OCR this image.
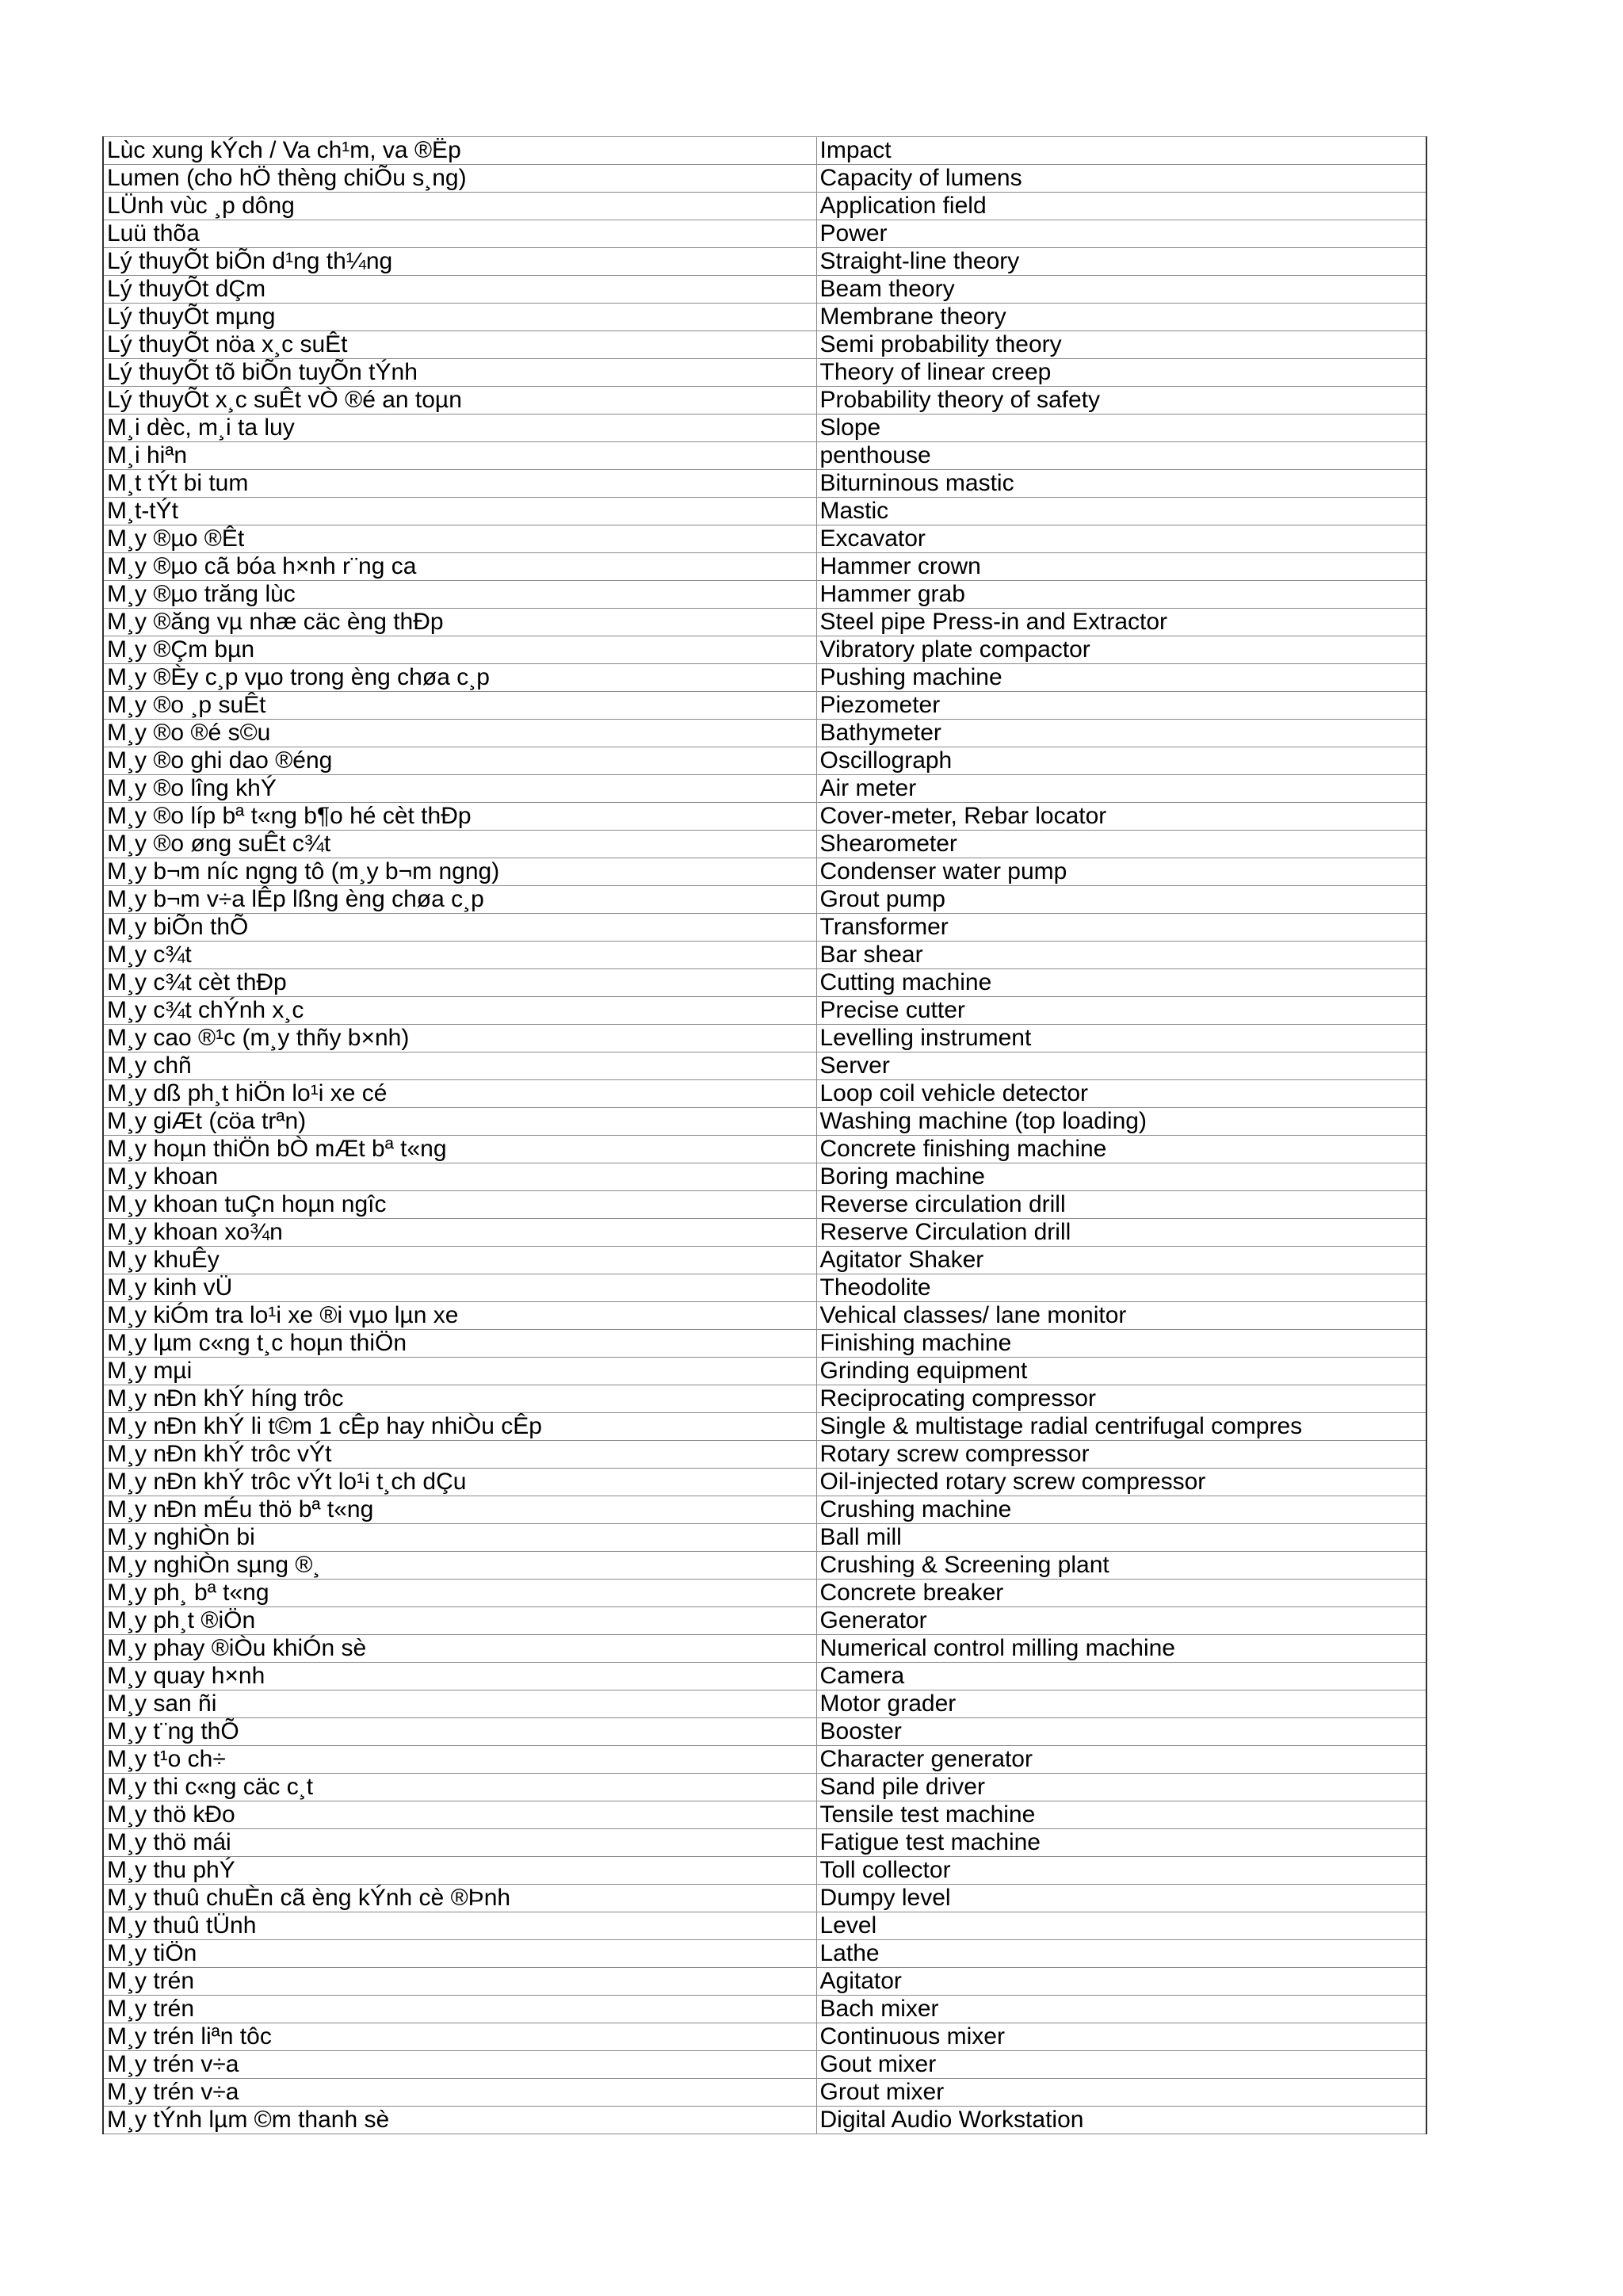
Lùc xung kÝch / Va ch¹m, va ®Ëp	Impact
Lumen (cho hÖ thèng chiÕu s¸ng)	Capacity of lumens
LÜnh vùc ¸p dông	Application field
Luü thõa	Power
Lý thuyÕt biÕn d¹ng th¼ng	Straight-line theory
Lý thuyÕt dÇm	Beam theory
Lý thuyÕt mµng	Membrane theory
Lý thuyÕt nöa x¸c suÊt	Semi probability theory
Lý thuyÕt tõ biÕn tuyÕn tÝnh	Theory of linear creep
Lý thuyÕt x¸c suÊt vÒ ®é an toµn	Probability theory of safety
M¸i dèc, m¸i ta luy	Slope
M¸i hiªn	penthouse
M¸t tÝt bi tum	Biturninous mastic
M¸t-tÝt	Mastic
M¸y ®µo ®Êt	Excavator
M¸y ®µo cã bóa h×nh r¨ng ca	Hammer crown
M¸y ®µo trăng lùc	Hammer grab
M¸y ®ăng vµ nhæ cäc èng thÐp	Steel pipe Press-in and Extractor
M¸y ®Çm bµn	Vibratory plate compactor
M¸y ®Èy c¸p vµo trong èng chøa c¸p	Pushing machine
M¸y ®o ¸p suÊt	Piezometer
M¸y ®o ®é s©u	Bathymeter
M¸y ®o ghi dao ®éng	Oscillograph
M¸y ®o lîng khÝ	Air meter
M¸y ®o líp bª t«ng b¶o hé cèt thÐp	Cover-meter, Rebar locator
M¸y ®o øng suÊt c¾t	Shearometer
M¸y b¬m níc ngng tô (m¸y b¬m ngng)	Condenser water pump
M¸y b¬m v÷a lÊp lßng èng chøa c¸p	Grout pump
M¸y biÕn thÕ	Transformer
M¸y c¾t	Bar shear
M¸y c¾t cèt thÐp	Cutting machine
M¸y c¾t chÝnh x¸c	Precise cutter
M¸y cao ®¹c (m¸y thñy b×nh)	Levelling instrument
M¸y chñ	Server
M¸y dß ph¸t hiÖn lo¹i xe cé	Loop coil vehicle detector
M¸y giÆt (cöa trªn)	Washing machine (top loading)
M¸y hoµn thiÖn bÒ mÆt bª t«ng	Concrete finishing machine
M¸y khoan	Boring machine
M¸y khoan tuÇn hoµn ngîc	Reverse circulation drill
M¸y khoan xo¾n	Reserve Circulation drill
M¸y khuÊy	Agitator Shaker
M¸y kinh vÜ	Theodolite
M¸y kiÓm tra lo¹i xe ®i vµo lµn xe	Vehical classes/ lane monitor
M¸y lµm c«ng t¸c hoµn thiÖn	Finishing machine
M¸y mµi	Grinding equipment
M¸y nÐn khÝ híng trôc	Reciprocating compressor
M¸y nÐn khÝ li t©m 1 cÊp hay nhiÒu cÊp	Single & multistage radial centrifugal compres
M¸y nÐn khÝ trôc vÝt	Rotary screw compressor
M¸y nÐn khÝ trôc vÝt lo¹i t¸ch dÇu	Oil-injected rotary screw compressor
M¸y nÐn mÉu thö bª t«ng	Crushing machine
M¸y nghiÒn bi	Ball mill
M¸y nghiÒn sµng ®¸	Crushing & Screening plant
M¸y ph¸ bª t«ng	Concrete breaker
M¸y ph¸t ®iÖn	Generator
M¸y phay ®iÒu khiÓn sè	Numerical control milling machine
M¸y quay h×nh	Camera
M¸y san ñi	Motor grader
M¸y t¨ng thÕ	Booster
M¸y t¹o ch÷	Character generator
M¸y thi c«ng cäc c¸t	Sand pile driver
M¸y thö kÐo	Tensile test machine
M¸y thö mái	Fatigue test machine
M¸y thu phÝ	Toll collector
M¸y thuû chuÈn cã èng kÝnh cè ®Þnh	Dumpy level
M¸y thuû tÜnh	Level
M¸y tiÖn	Lathe
M¸y trén	Agitator
M¸y trén	Bach mixer
M¸y trén liªn tôc	Continuous mixer
M¸y trén v÷a	Gout mixer
M¸y trén v÷a	Grout mixer
M¸y tÝnh lµm ©m thanh sè	Digital Audio Workstation
